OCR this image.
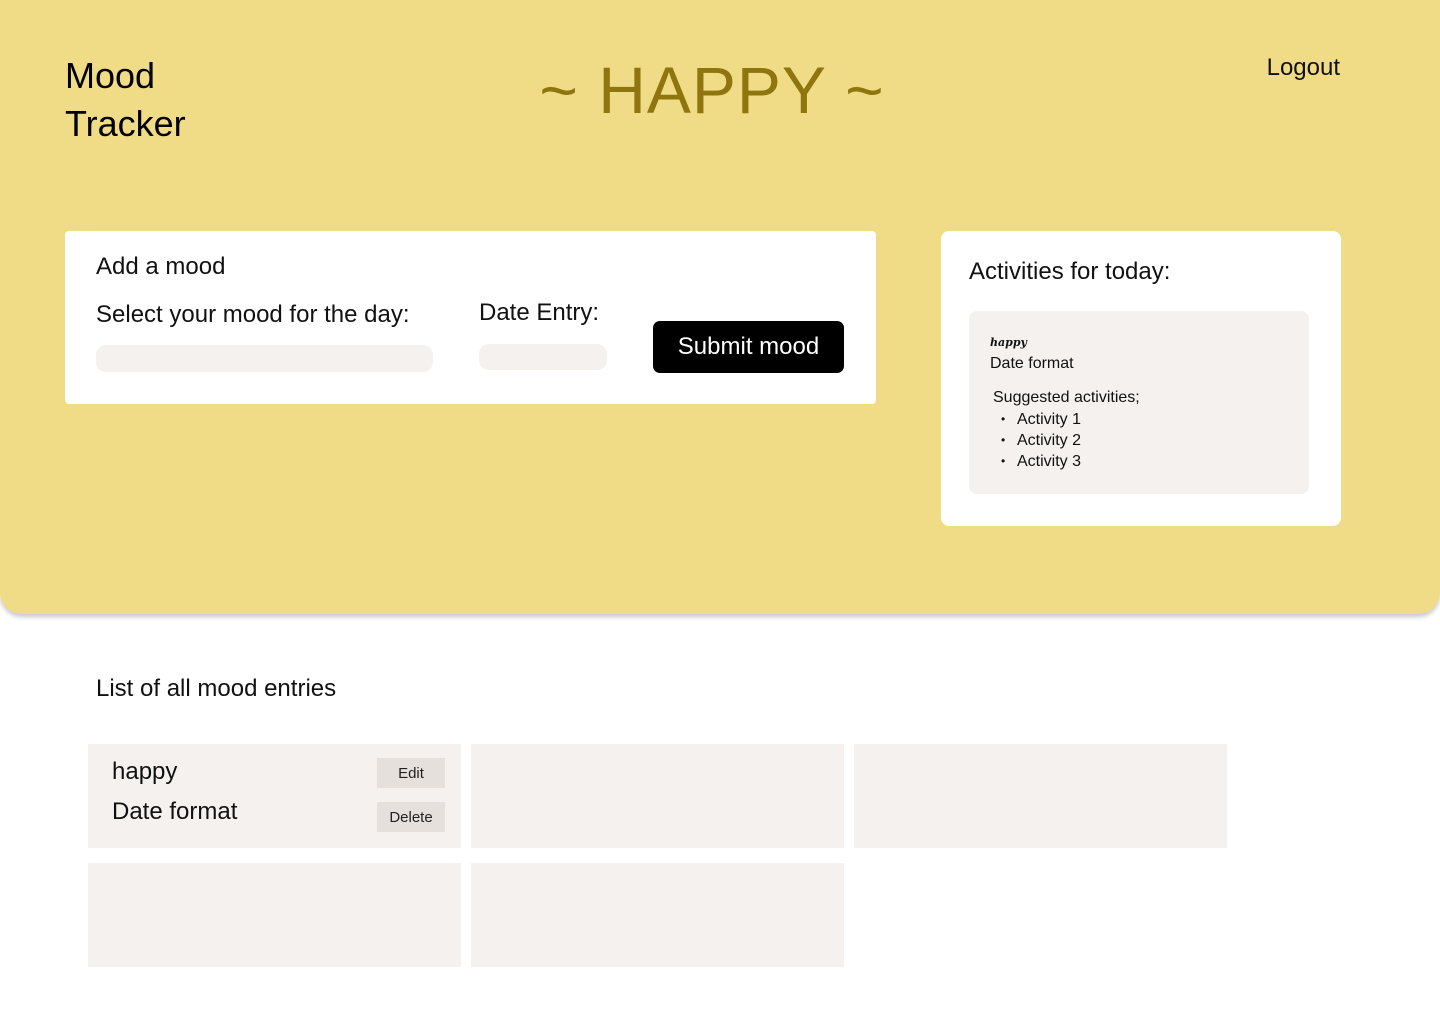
Mood
Tracker	~ HAPPY ~	Logout
Add a mood
Select your mood for the day:	Date Entry:
Submit mood
Activities for today:
happy
Date format
Suggested activities;
• Activity 1
• Activity 2
• Activity 3
List of all mood entries
happy
Date format
Edit
Delete
